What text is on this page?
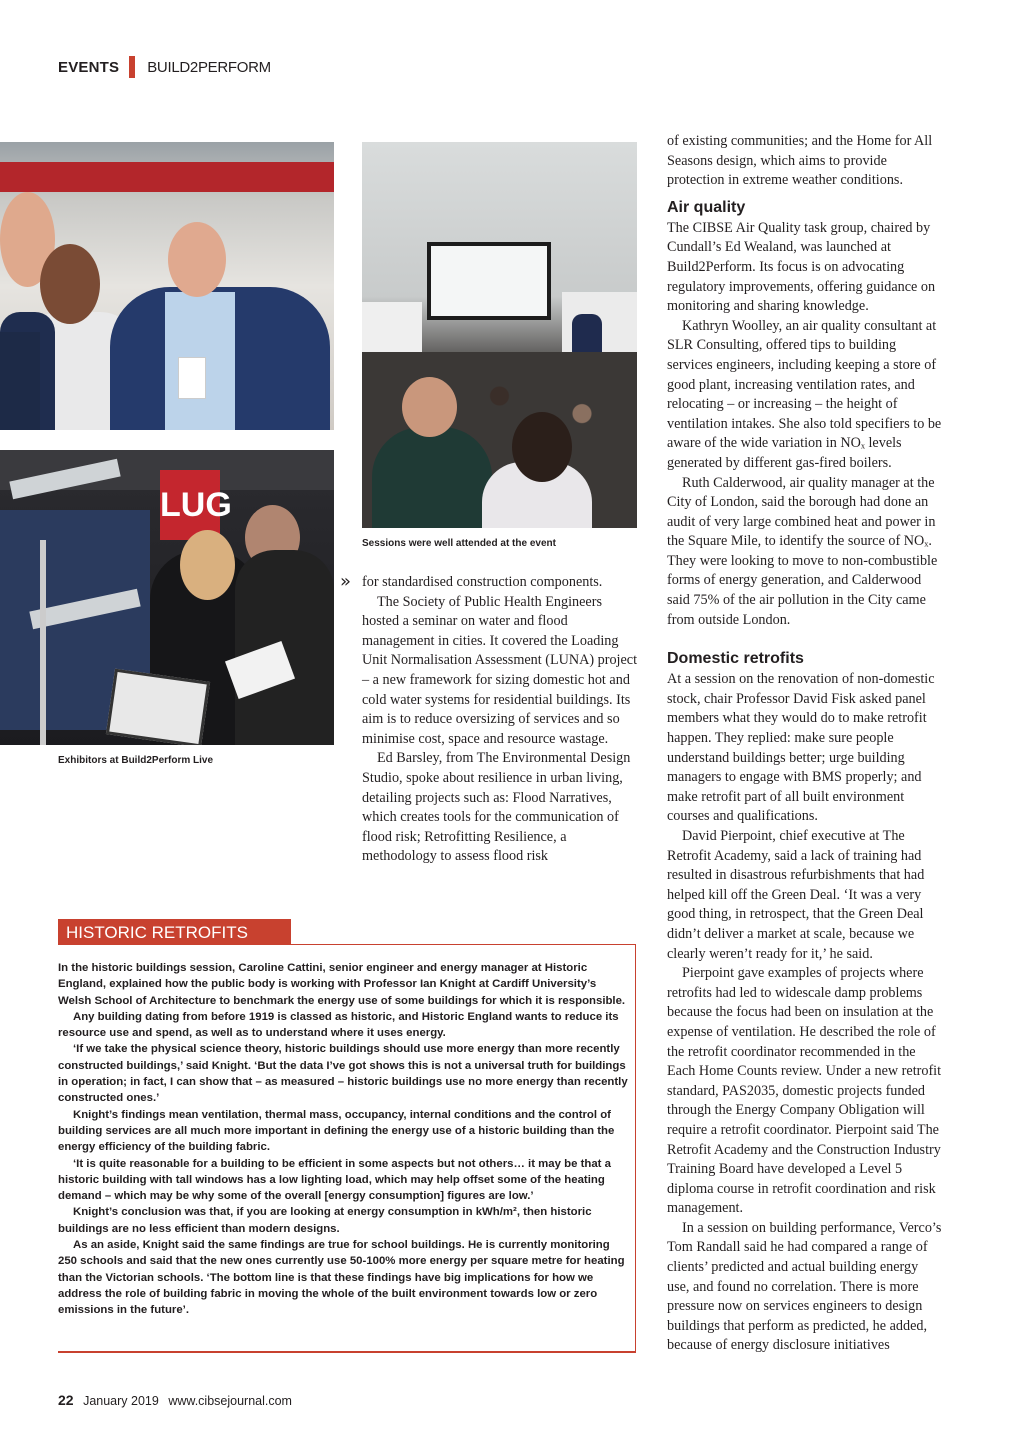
EVENTS BUILD2PERFORM
LUG
Exhibitors at Build2Perform Live
Sessions were well attended at the event
» for standardised construction components.

The Society of Public Health Engineers hosted a seminar on water and flood management in cities. It covered the Loading Unit Normalisation Assessment (LUNA) project – a new framework for sizing domestic hot and cold water systems for residential buildings. Its aim is to reduce oversizing of services and so minimise cost, space and resource wastage.

Ed Barsley, from The Environmental Design Studio, spoke about resilience in urban living, detailing projects such as: Flood Narratives, which creates tools for the communication of flood risk; Retrofitting Resilience, a methodology to assess flood risk

of existing communities; and the Home for All Seasons design, which aims to provide protection in extreme weather conditions.

Air quality

The CIBSE Air Quality task group, chaired by Cundall’s Ed Wealand, was launched at Build2Perform. Its focus is on advocating regulatory improvements, offering guidance on monitoring and sharing knowledge.

Kathryn Woolley, an air quality consultant at SLR Consulting, offered tips to building services engineers, including keeping a store of good plant, increasing ventilation rates, and relocating – or increasing – the height of ventilation intakes. She also told specifiers to be aware of the wide variation in NOₓ levels generated by different gas-fired boilers.

Ruth Calderwood, air quality manager at the City of London, said the borough had done an audit of very large combined heat and power in the Square Mile, to identify the source of NOₓ. They were looking to move to non-combustible forms of energy generation, and Calderwood said 75% of the air pollution in the City came from outside London.

Domestic retrofits

At a session on the renovation of non-domestic stock, chair Professor David Fisk asked panel members what they would do to make retrofit happen. They replied: make sure people understand buildings better; urge building managers to engage with BMS properly; and make retrofit part of all built environment courses and qualifications.

David Pierpoint, chief executive at The Retrofit Academy, said a lack of training had resulted in disastrous refurbishments that had helped kill off the Green Deal. ‘It was a very good thing, in retrospect, that the Green Deal didn’t deliver a market at scale, because we clearly weren’t ready for it,’ he said.

Pierpoint gave examples of projects where retrofits had led to widescale damp problems because the focus had been on insulation at the expense of ventilation. He described the role of the retrofit coordinator recommended in the Each Home Counts review. Under a new retrofit standard, PAS2035, domestic projects funded through the Energy Company Obligation will require a retrofit coordinator. Pierpoint said The Retrofit Academy and the Construction Industry Training Board have developed a Level 5 diploma course in retrofit coordination and risk management.

In a session on building performance, Verco’s Tom Randall said he had compared a range of clients’ predicted and actual building energy use, and found no correlation. There is more pressure now on services engineers to design buildings that perform as predicted, he added, because of energy disclosure initiatives

HISTORIC RETROFITS

In the historic buildings session, Caroline Cattini, senior engineer and energy manager at Historic England, explained how the public body is working with Professor Ian Knight at Cardiff University’s Welsh School of Architecture to benchmark the energy use of some buildings for which it is responsible.

Any building dating from before 1919 is classed as historic, and Historic England wants to reduce its resource use and spend, as well as to understand where it uses energy.

‘If we take the physical science theory, historic buildings should use more energy than more recently constructed buildings,’ said Knight. ‘But the data I’ve got shows this is not a universal truth for buildings in operation; in fact, I can show that – as measured – historic buildings use no more energy than recently constructed ones.’

Knight’s findings mean ventilation, thermal mass, occupancy, internal conditions and the control of building services are all much more important in defining the energy use of a historic building than the energy efficiency of the building fabric.

‘It is quite reasonable for a building to be efficient in some aspects but not others… it may be that a historic building with tall windows has a low lighting load, which may help offset some of the heating demand – which may be why some of the overall [energy consumption] figures are low.’

Knight’s conclusion was that, if you are looking at energy consumption in kWh/m², then historic buildings are no less efficient than modern designs.

As an aside, Knight said the same findings are true for school buildings. He is currently monitoring 250 schools and said that the new ones currently use 50-100% more energy per square metre for heating than the Victorian schools. ‘The bottom line is that these findings have big implications for how we address the role of building fabric in moving the whole of the built environment towards low or zero emissions in the future’.

22 January 2019 www.cibsejournal.com
